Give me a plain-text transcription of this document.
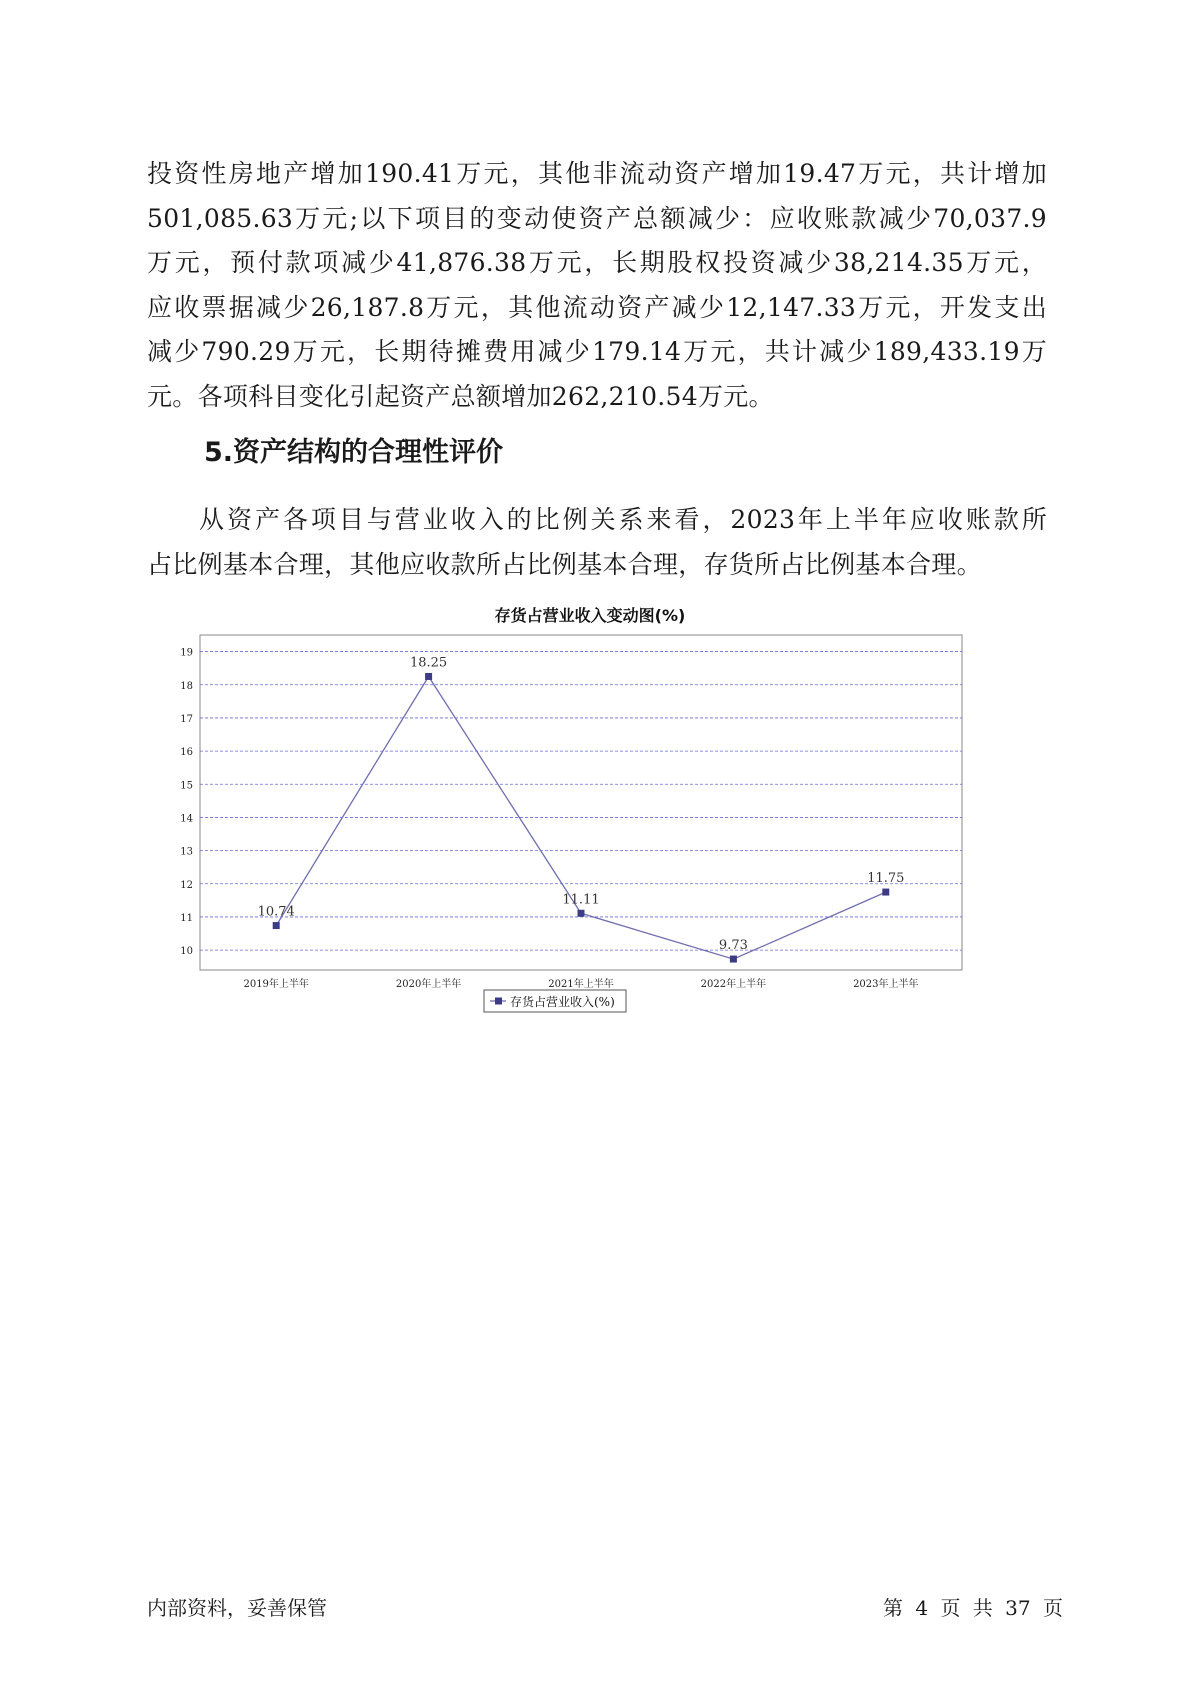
投资性房地产增加190.41万元，其他非流动资产增加19.47万元，共计增加
501,085.63万元;以下项目的变动使资产总额减少：应收账款减少70,037.9
万元，预付款项减少41,876.38万元，长期股权投资减少38,214.35万元，
应收票据减少26,187.8万元，其他流动资产减少12,147.33万元，开发支出
减少790.29万元，长期待摊费用减少179.14万元，共计减少189,433.19万
元。各项科目变化引起资产总额增加262,210.54万元。
5.资产结构的合理性评价
从资产各项目与营业收入的比例关系来看，2023年上半年应收账款所
占比例基本合理，其他应收款所占比例基本合理，存货所占比例基本合理。
存货占营业收入变动图(%)
10
11
12
13
14
15
16
17
18
19
2019年上半年	2020年上半年	2021年上半年	2022年上半年	2023年上半年
10.74
18.25
11.11
9.73
11.75
存货占营业收入(%)
内部资料，妥善保管	第 4 页 共 37 页
